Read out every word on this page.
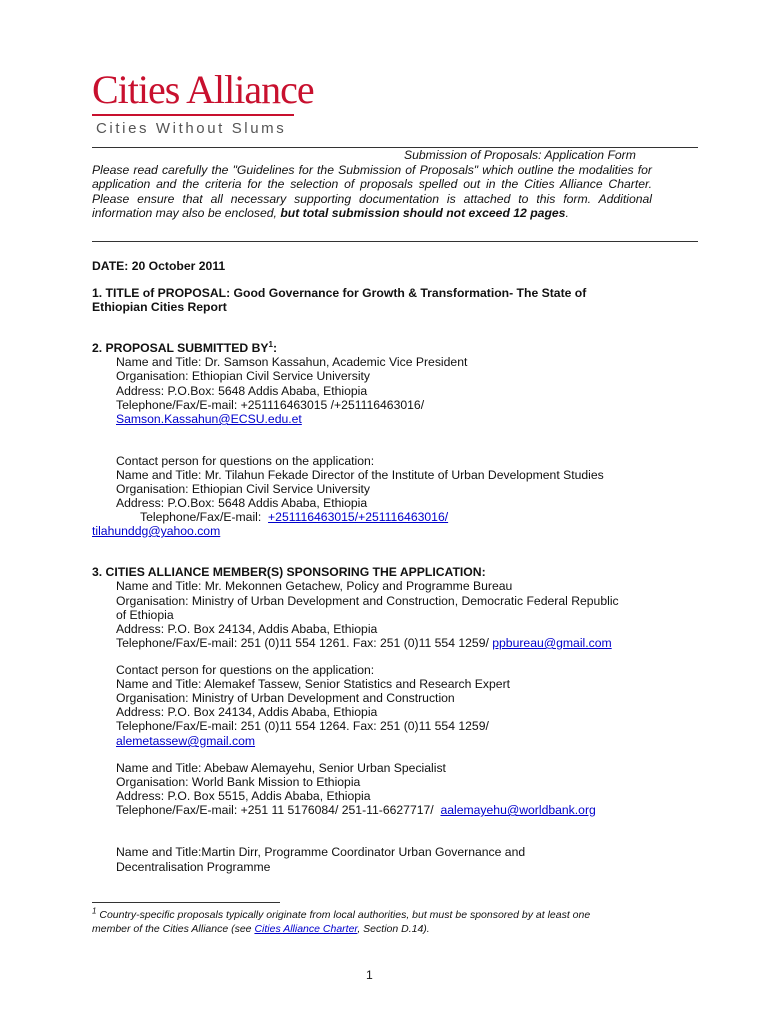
Cities Alliance
Cities Without Slums
Submission of Proposals: Application Form
Please read carefully the "Guidelines for the Submission of Proposals" which outline the modalities for application and the criteria for the selection of proposals spelled out in the Cities Alliance Charter. Please ensure that all necessary supporting documentation is attached to this form. Additional information may also be enclosed, but total submission should not exceed 12 pages.
DATE: 20 October 2011
1. TITLE of PROPOSAL: Good Governance for Growth & Transformation- The State of
Ethiopian Cities Report
2. PROPOSAL SUBMITTED $BY^1$:
Name and Title: Dr. Samson Kassahun, Academic Vice President
Organisation: Ethiopian Civil Service University
Address: P.O.Box: 5648 Addis Ababa, Ethiopia
Telephone/Fax/E-mail: +251116463015 /+251116463016/
Samson.Kassahun@ECSU.edu.et
Contact person for questions on the application:
Name and Title: Mr. Tilahun Fekade Director of the Institute of Urban Development Studies
Organisation: Ethiopian Civil Service University
Address: P.O.Box: 5648 Addis Ababa, Ethiopia
Telephone/Fax/E-mail: +251116463015/+251116463016/
tilahunddg@yahoo.com
3. CITIES ALLIANCE MEMBER(S) SPONSORING THE APPLICATION:
Name and Title: Mr. Mekonnen Getachew, Policy and Programme Bureau
Organisation: Ministry of Urban Development and Construction, Democratic Federal Republic
of Ethiopia
Address: P.O. Box 24134, Addis Ababa, Ethiopia
Telephone/Fax/E-mail: 251 (0)11 554 1261. Fax: 251 (0)11 554 1259/ ppbureau@gmail.com
Contact person for questions on the application:
Name and Title: Alemakef Tassew, Senior Statistics and Research Expert
Organisation: Ministry of Urban Development and Construction
Address: P.O. Box 24134, Addis Ababa, Ethiopia
Telephone/Fax/E-mail: 251 (0)11 554 1264. Fax: 251 (0)11 554 1259/
alemetassew@gmail.com
Name and Title: Abebaw Alemayehu, Senior Urban Specialist
Organisation: World Bank Mission to Ethiopia
Address: P.O. Box 5515, Addis Ababa, Ethiopia
Telephone/Fax/E-mail: +251 11 5176084/ 251-11-6627717/ aalemayehu@worldbank.org
Name and Title:Martin Dirr, Programme Coordinator Urban Governance and
Decentralisation Programme
$^1$ Country-specific proposals typically originate from local authorities, but must be sponsored by at least one
member of the Cities Alliance (see Cities Alliance Charter, Section D.14).
1
